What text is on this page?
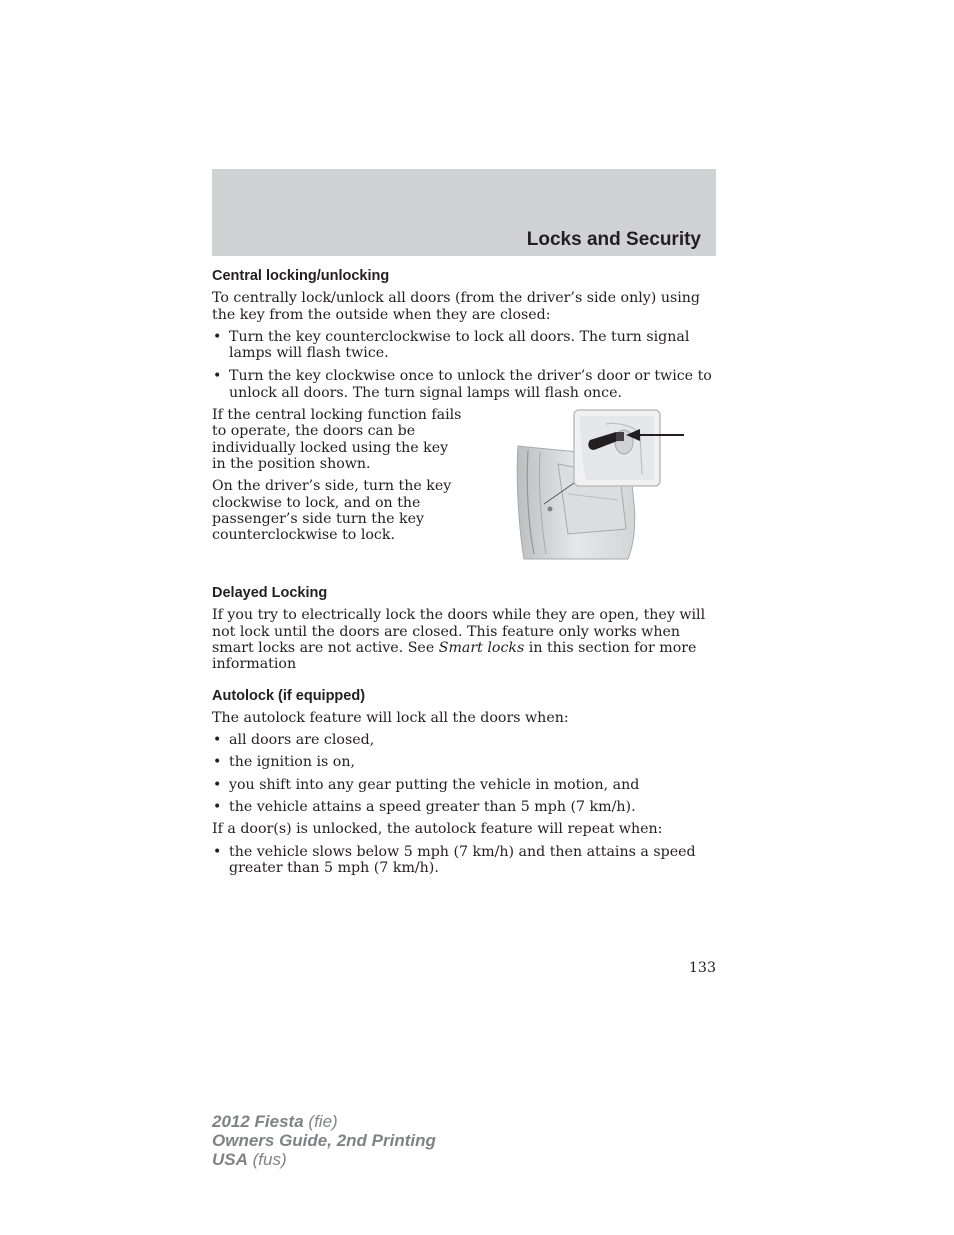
Locks and Security
Central locking/unlocking

To centrally lock/unlock all doors (from the driver’s side only) using the key from the outside when they are closed:

• Turn the key counterclockwise to lock all doors. The turn signal lamps will flash twice.
• Turn the key clockwise once to unlock the driver’s door or twice to unlock all doors. The turn signal lamps will flash once.

If the central locking function fails to operate, the doors can be individually locked using the key in the position shown.

On the driver’s side, turn the key clockwise to lock, and on the passenger’s side turn the key counterclockwise to lock.

Delayed Locking

If you try to electrically lock the doors while they are open, they will not lock until the doors are closed. This feature only works when smart locks are not active. See Smart locks in this section for more information

Autolock (if equipped)

The autolock feature will lock all the doors when:

• all doors are closed,
• the ignition is on,
• you shift into any gear putting the vehicle in motion, and
• the vehicle attains a speed greater than 5 mph (7 km/h).

If a door(s) is unlocked, the autolock feature will repeat when:

• the vehicle slows below 5 mph (7 km/h) and then attains a speed greater than 5 mph (7 km/h).
133
2012 Fiesta (fie)
Owners Guide, 2nd Printing
USA (fus)
